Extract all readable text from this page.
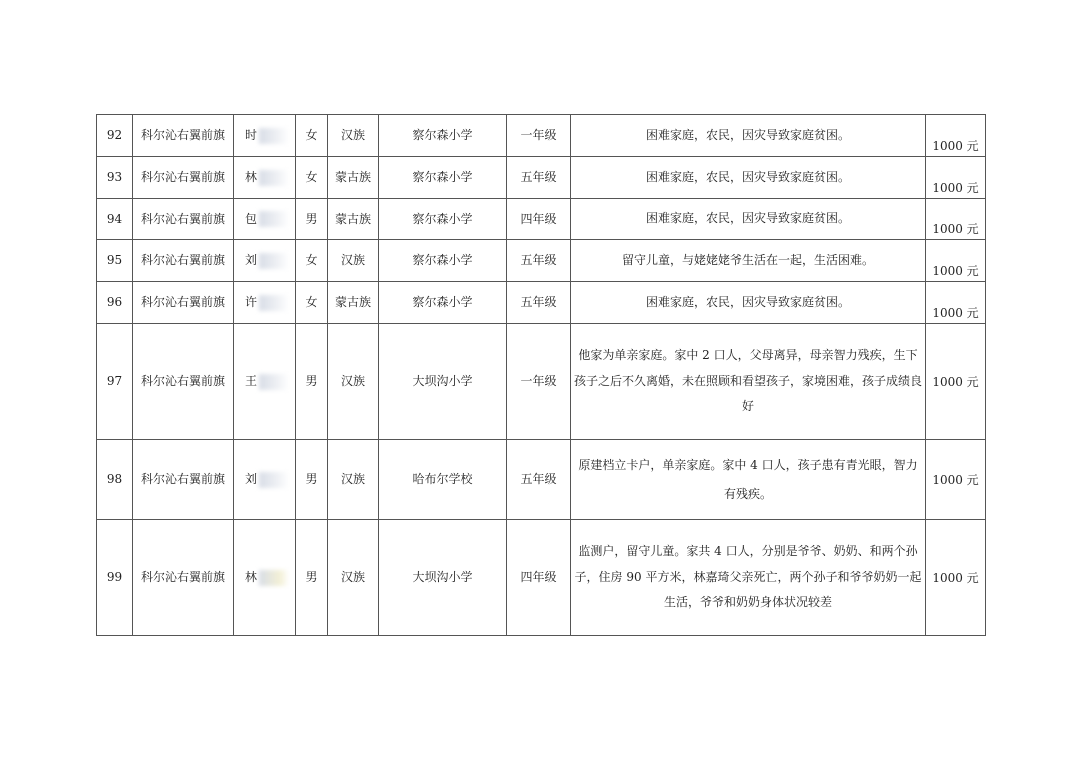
92	科尔沁右翼前旗	时	女	汉族	察尔森小学	一年级	困难家庭，农民，因灾导致家庭贫困。	1000 元
93	科尔沁右翼前旗	林	女	蒙古族	察尔森小学	五年级	困难家庭，农民，因灾导致家庭贫困。	1000 元
94	科尔沁右翼前旗	包	男	蒙古族	察尔森小学	四年级	困难家庭，农民，因灾导致家庭贫困。	1000 元
95	科尔沁右翼前旗	刘	女	汉族	察尔森小学	五年级	留守儿童，与姥姥姥爷生活在一起，生活困难。	1000 元
96	科尔沁右翼前旗	许	女	蒙古族	察尔森小学	五年级	困难家庭，农民，因灾导致家庭贫困。	1000 元
97	科尔沁右翼前旗	王	男	汉族	大坝沟小学	一年级	他家为单亲家庭。家中 2 口人，父母离异，母亲智力残疾，生下孩子之后不久离婚，未在照顾和看望孩子，家境困难，孩子成绩良好	1000 元
98	科尔沁右翼前旗	刘	男	汉族	哈布尔学校	五年级	原建档立卡户，单亲家庭。家中 4 口人，孩子患有青光眼，智力有残疾。	1000 元
99	科尔沁右翼前旗	林	男	汉族	大坝沟小学	四年级	监测户，留守儿童。家共 4 口人，分别是爷爷、奶奶、和两个孙子，住房 90 平方米，林嘉琦父亲死亡，两个孙子和爷爷奶奶一起生活，爷爷和奶奶身体状况较差	1000 元
